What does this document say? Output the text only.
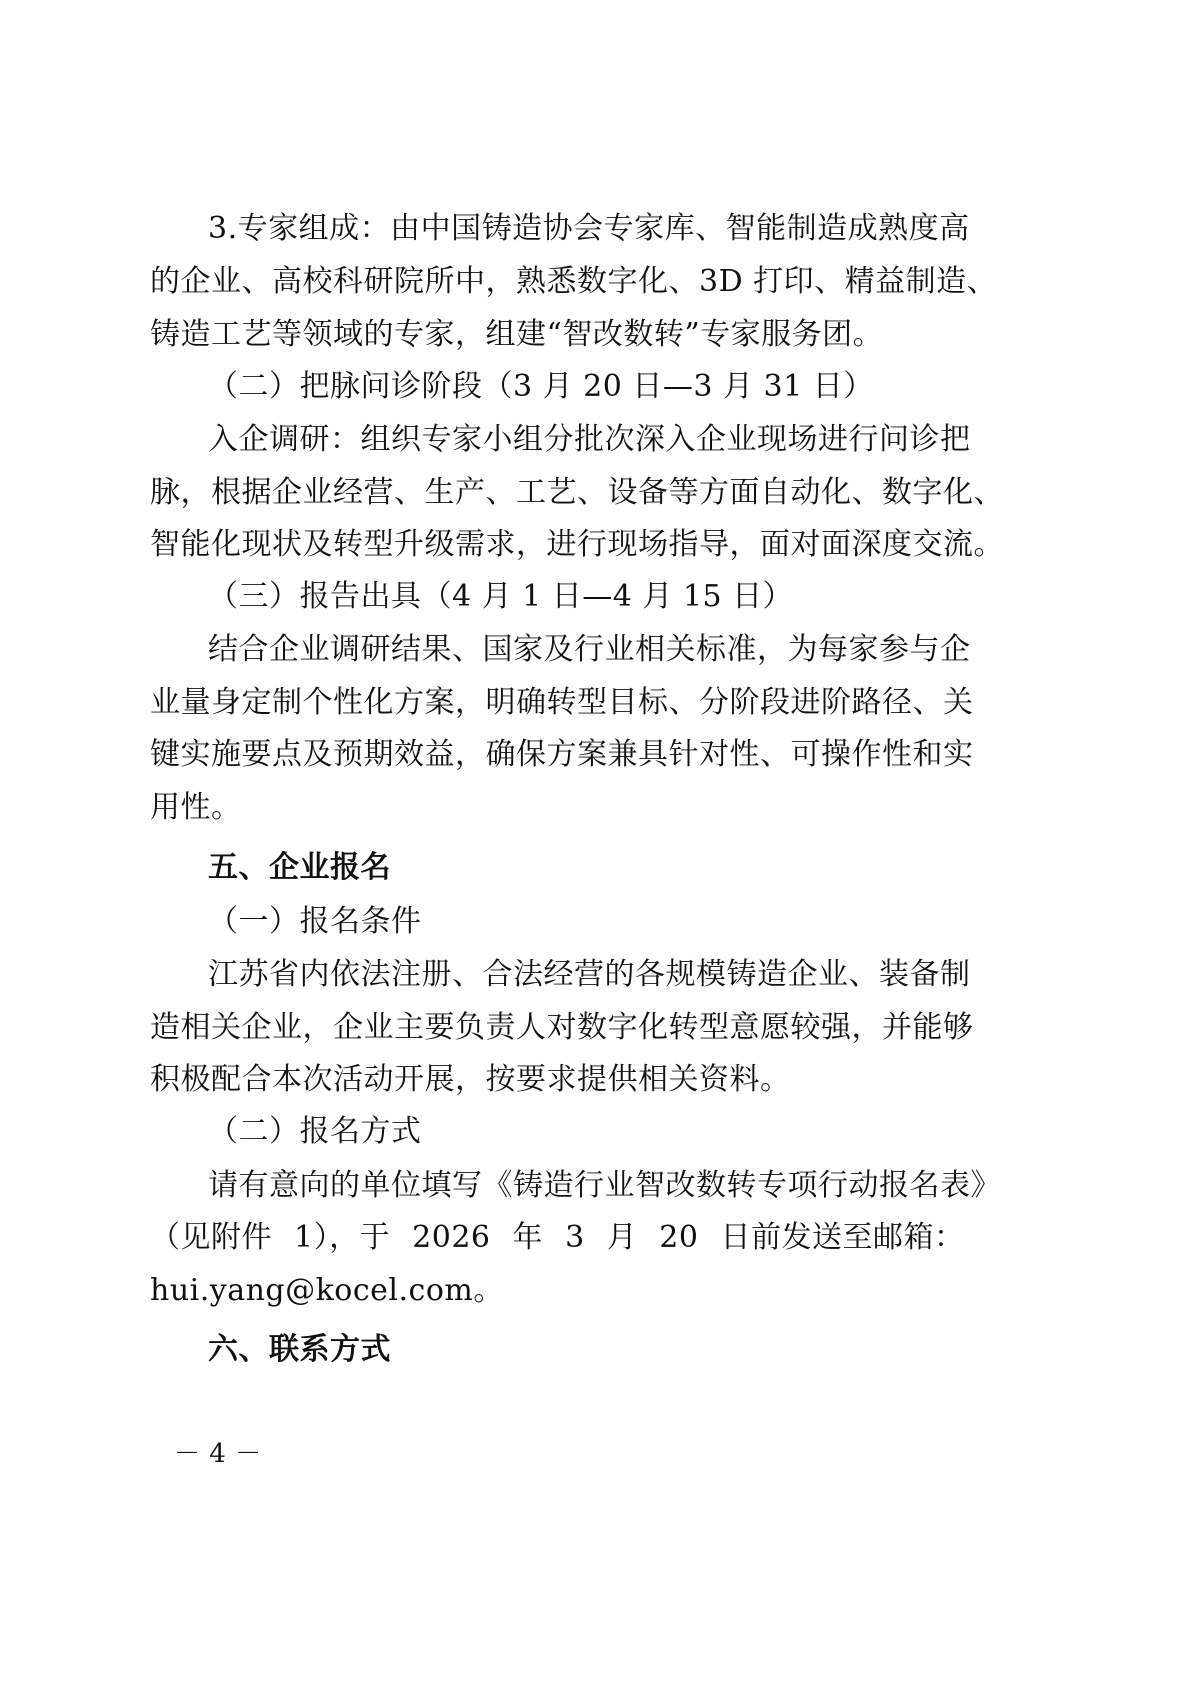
3.专家组成：由中国铸造协会专家库、智能制造成熟度高
的企业、高校科研院所中，熟悉数字化、3D 打印、精益制造、
铸造工艺等领域的专家，组建“智改数转”专家服务团。
（二）把脉问诊阶段（3 月 20 日—3 月 31 日）
入企调研：组织专家小组分批次深入企业现场进行问诊把
脉，根据企业经营、生产、工艺、设备等方面自动化、数字化、
智能化现状及转型升级需求，进行现场指导，面对面深度交流。
（三）报告出具（4 月 1 日—4 月 15 日）
结合企业调研结果、国家及行业相关标准，为每家参与企
业量身定制个性化方案，明确转型目标、分阶段进阶路径、关
键实施要点及预期效益，确保方案兼具针对性、可操作性和实
用性。
五、企业报名
（一）报名条件
江苏省内依法注册、合法经营的各规模铸造企业、装备制
造相关企业，企业主要负责人对数字化转型意愿较强，并能够
积极配合本次活动开展，按要求提供相关资料。
（二）报名方式
请有意向的单位填写《铸造行业智改数转专项行动报名表》
（见附件 1），于 2026 年 3 月 20 日前发送至邮箱：
hui.yang@kocel.com。
六、联系方式
－ 4 －
